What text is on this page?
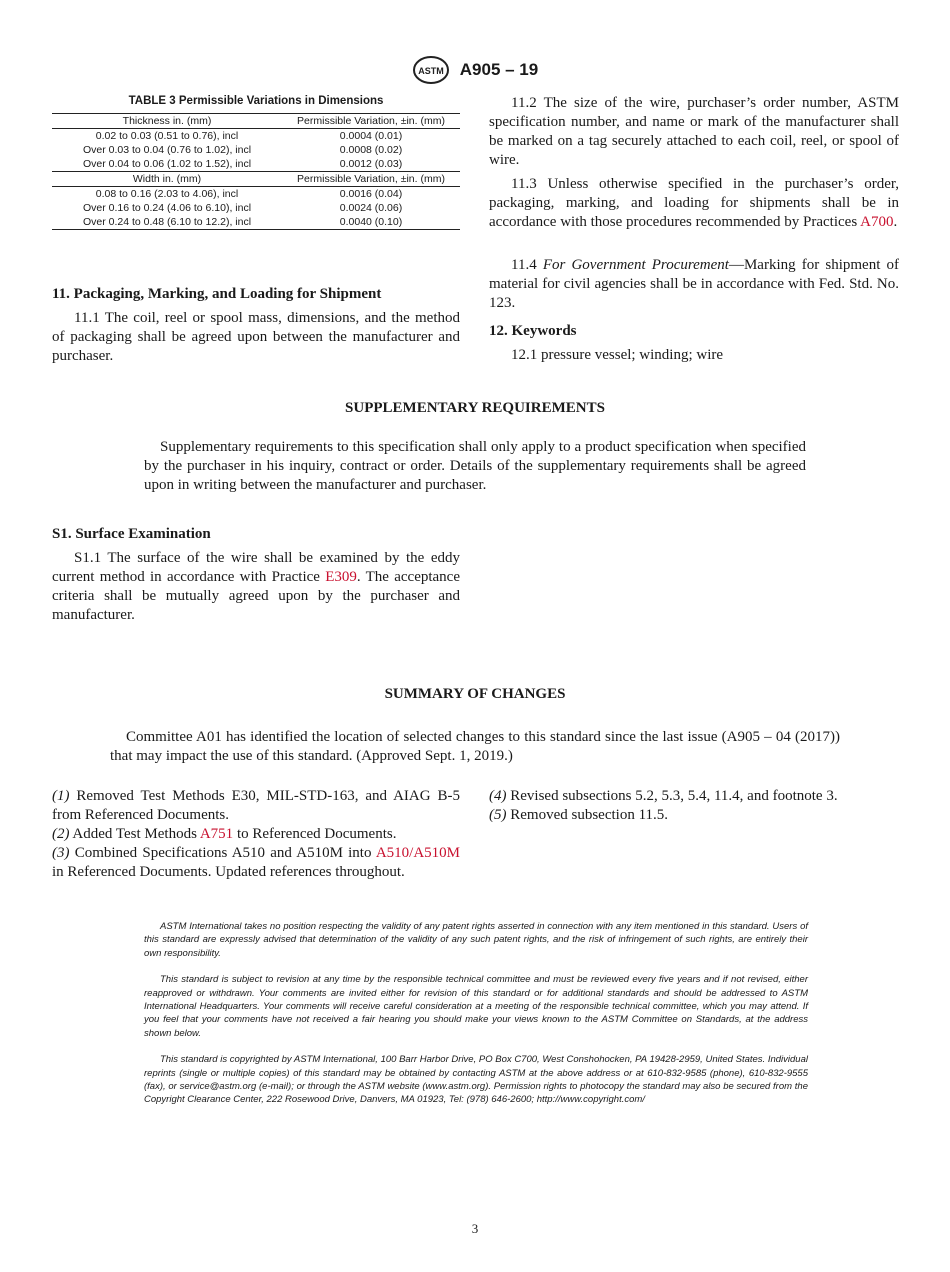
ASTM A905 – 19
TABLE 3 Permissible Variations in Dimensions
Thickness in. (mm)	Permissible Variation, ±in. (mm)
0.02 to 0.03 (0.51 to 0.76), incl	0.0004 (0.01)
Over 0.03 to 0.04 (0.76 to 1.02), incl	0.0008 (0.02)
Over 0.04 to 0.06 (1.02 to 1.52), incl	0.0012 (0.03)
Width in. (mm)	Permissible Variation, ±in. (mm)
0.08 to 0.16 (2.03 to 4.06), incl	0.0016 (0.04)
Over 0.16 to 0.24 (4.06 to 6.10), incl	0.0024 (0.06)
Over 0.24 to 0.48 (6.10 to 12.2), incl	0.0040 (0.10)
11. Packaging, Marking, and Loading for Shipment
11.1 The coil, reel or spool mass, dimensions, and the method of packaging shall be agreed upon between the manufacturer and purchaser.
11.2 The size of the wire, purchaser’s order number, ASTM specification number, and name or mark of the manufacturer shall be marked on a tag securely attached to each coil, reel, or spool of wire.
11.3 Unless otherwise specified in the purchaser’s order, packaging, marking, and loading for shipments shall be in accordance with those procedures recommended by Practices A700.
11.4 For Government Procurement—Marking for shipment of material for civil agencies shall be in accordance with Fed. Std. No. 123.
12. Keywords
12.1 pressure vessel; winding; wire
SUPPLEMENTARY REQUIREMENTS
Supplementary requirements to this specification shall only apply to a product specification when specified by the purchaser in his inquiry, contract or order. Details of the supplementary requirements shall be agreed upon in writing between the manufacturer and purchaser.
S1. Surface Examination
S1.1 The surface of the wire shall be examined by the eddy current method in accordance with Practice E309. The acceptance criteria shall be mutually agreed upon by the purchaser and manufacturer.
SUMMARY OF CHANGES
Committee A01 has identified the location of selected changes to this standard since the last issue (A905 – 04 (2017)) that may impact the use of this standard. (Approved Sept. 1, 2019.)
(1) Removed Test Methods E30, MIL-STD-163, and AIAG B-5 from Referenced Documents.
(2) Added Test Methods A751 to Referenced Documents.
(3) Combined Specifications A510 and A510M into A510/A510M in Referenced Documents. Updated references throughout.
(4) Revised subsections 5.2, 5.3, 5.4, 11.4, and footnote 3.
(5) Removed subsection 11.5.

ASTM International takes no position respecting the validity of any patent rights asserted in connection with any item mentioned in this standard. Users of this standard are expressly advised that determination of the validity of any such patent rights, and the risk of infringement of such rights, are entirely their own responsibility.

This standard is subject to revision at any time by the responsible technical committee and must be reviewed every five years and if not revised, either reapproved or withdrawn. Your comments are invited either for revision of this standard or for additional standards and should be addressed to ASTM International Headquarters. Your comments will receive careful consideration at a meeting of the responsible technical committee, which you may attend. If you feel that your comments have not received a fair hearing you should make your views known to the ASTM Committee on Standards, at the address shown below.

This standard is copyrighted by ASTM International, 100 Barr Harbor Drive, PO Box C700, West Conshohocken, PA 19428-2959, United States. Individual reprints (single or multiple copies) of this standard may be obtained by contacting ASTM at the above address or at 610-832-9585 (phone), 610-832-9555 (fax), or service@astm.org (e-mail); or through the ASTM website (www.astm.org). Permission rights to photocopy the standard may also be secured from the Copyright Clearance Center, 222 Rosewood Drive, Danvers, MA 01923, Tel: (978) 646-2600; http://www.copyright.com/

3
